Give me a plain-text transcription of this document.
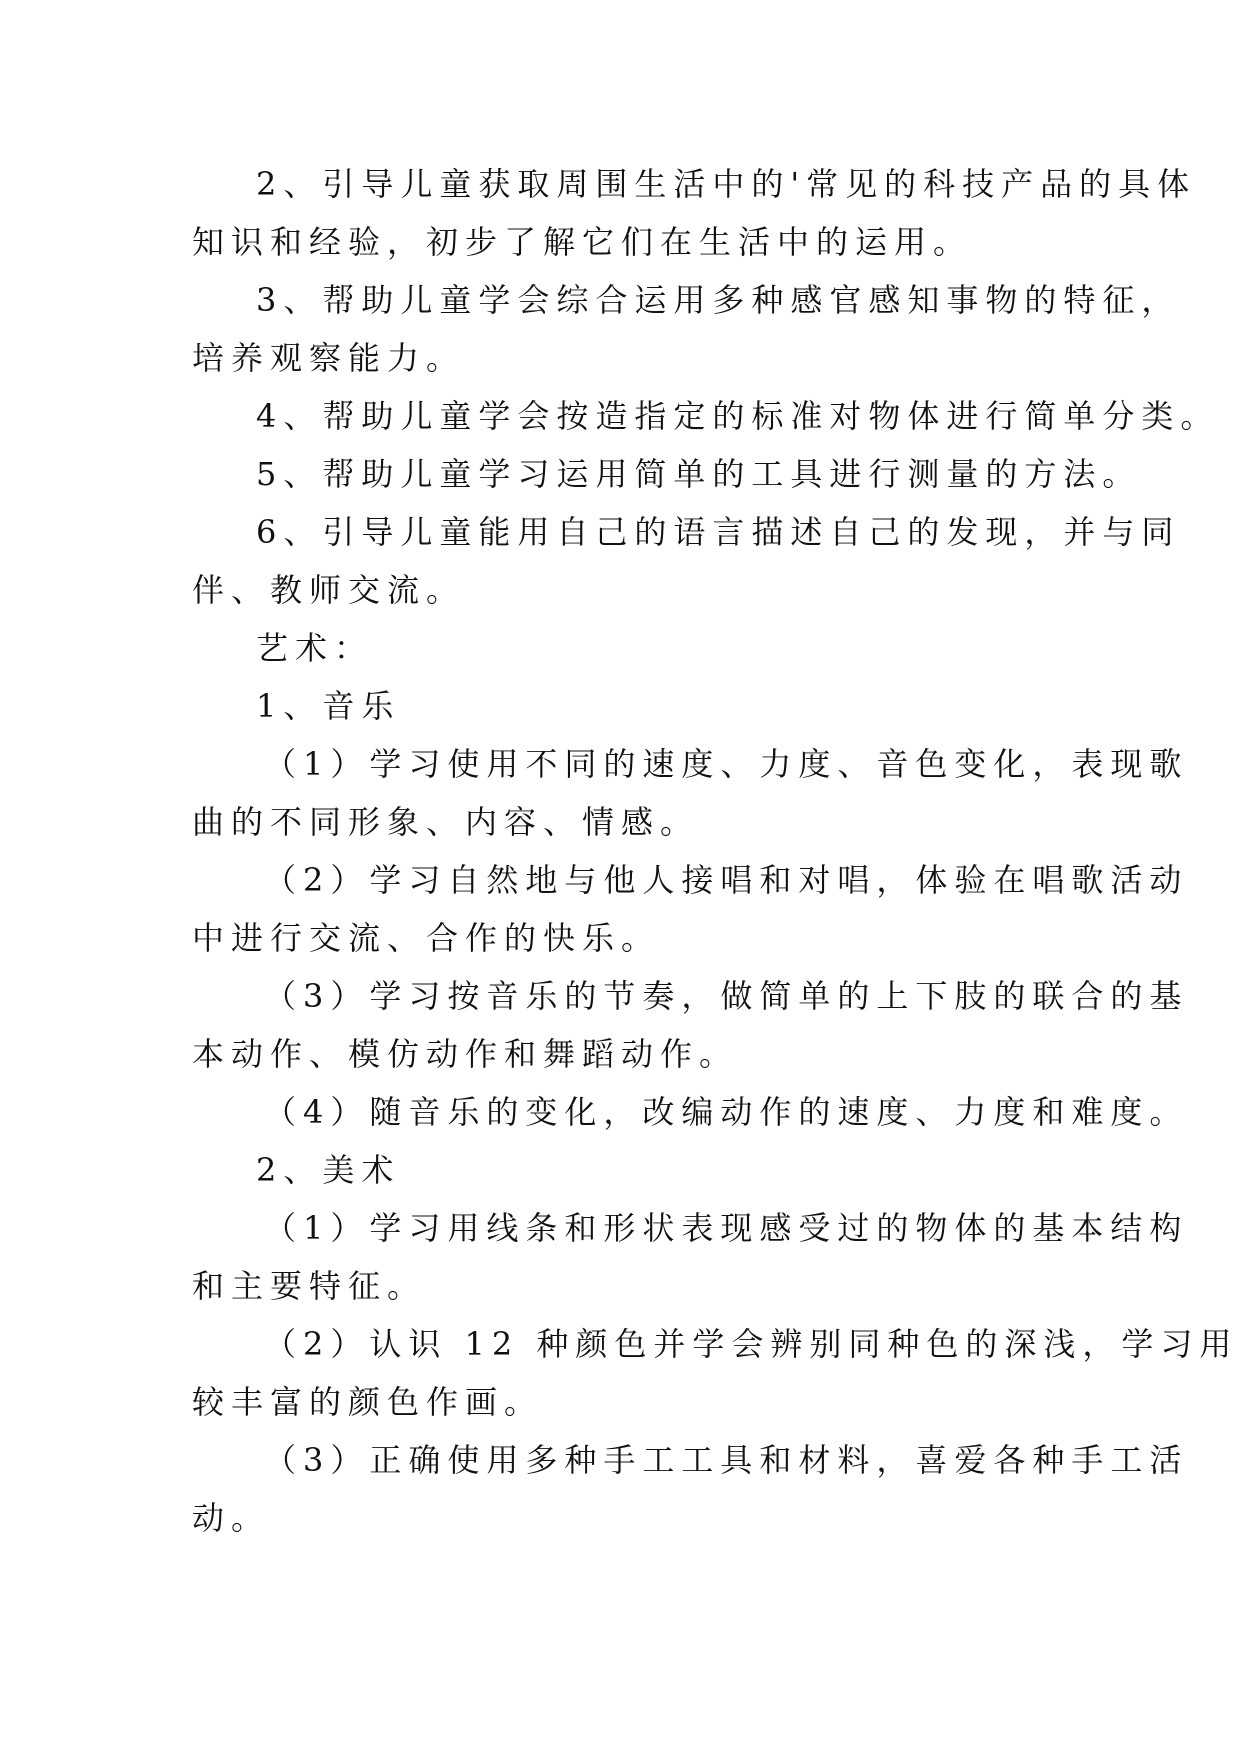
2、引导儿童获取周围生活中的'常见的科技产品的具体
知识和经验，初步了解它们在生活中的运用。
3、帮助儿童学会综合运用多种感官感知事物的特征，
培养观察能力。
4、帮助儿童学会按造指定的标准对物体进行简单分类。
5、帮助儿童学习运用简单的工具进行测量的方法。
6、引导儿童能用自己的语言描述自己的发现，并与同
伴、教师交流。
艺术：
1、音乐
（1）学习使用不同的速度、力度、音色变化，表现歌
曲的不同形象、内容、情感。
（2）学习自然地与他人接唱和对唱，体验在唱歌活动
中进行交流、合作的快乐。
（3）学习按音乐的节奏，做简单的上下肢的联合的基
本动作、模仿动作和舞蹈动作。
（4）随音乐的变化，改编动作的速度、力度和难度。
2、美术
（1）学习用线条和形状表现感受过的物体的基本结构
和主要特征。
（2）认识 12 种颜色并学会辨别同种色的深浅，学习用
较丰富的颜色作画。
（3）正确使用多种手工工具和材料，喜爱各种手工活
动。
